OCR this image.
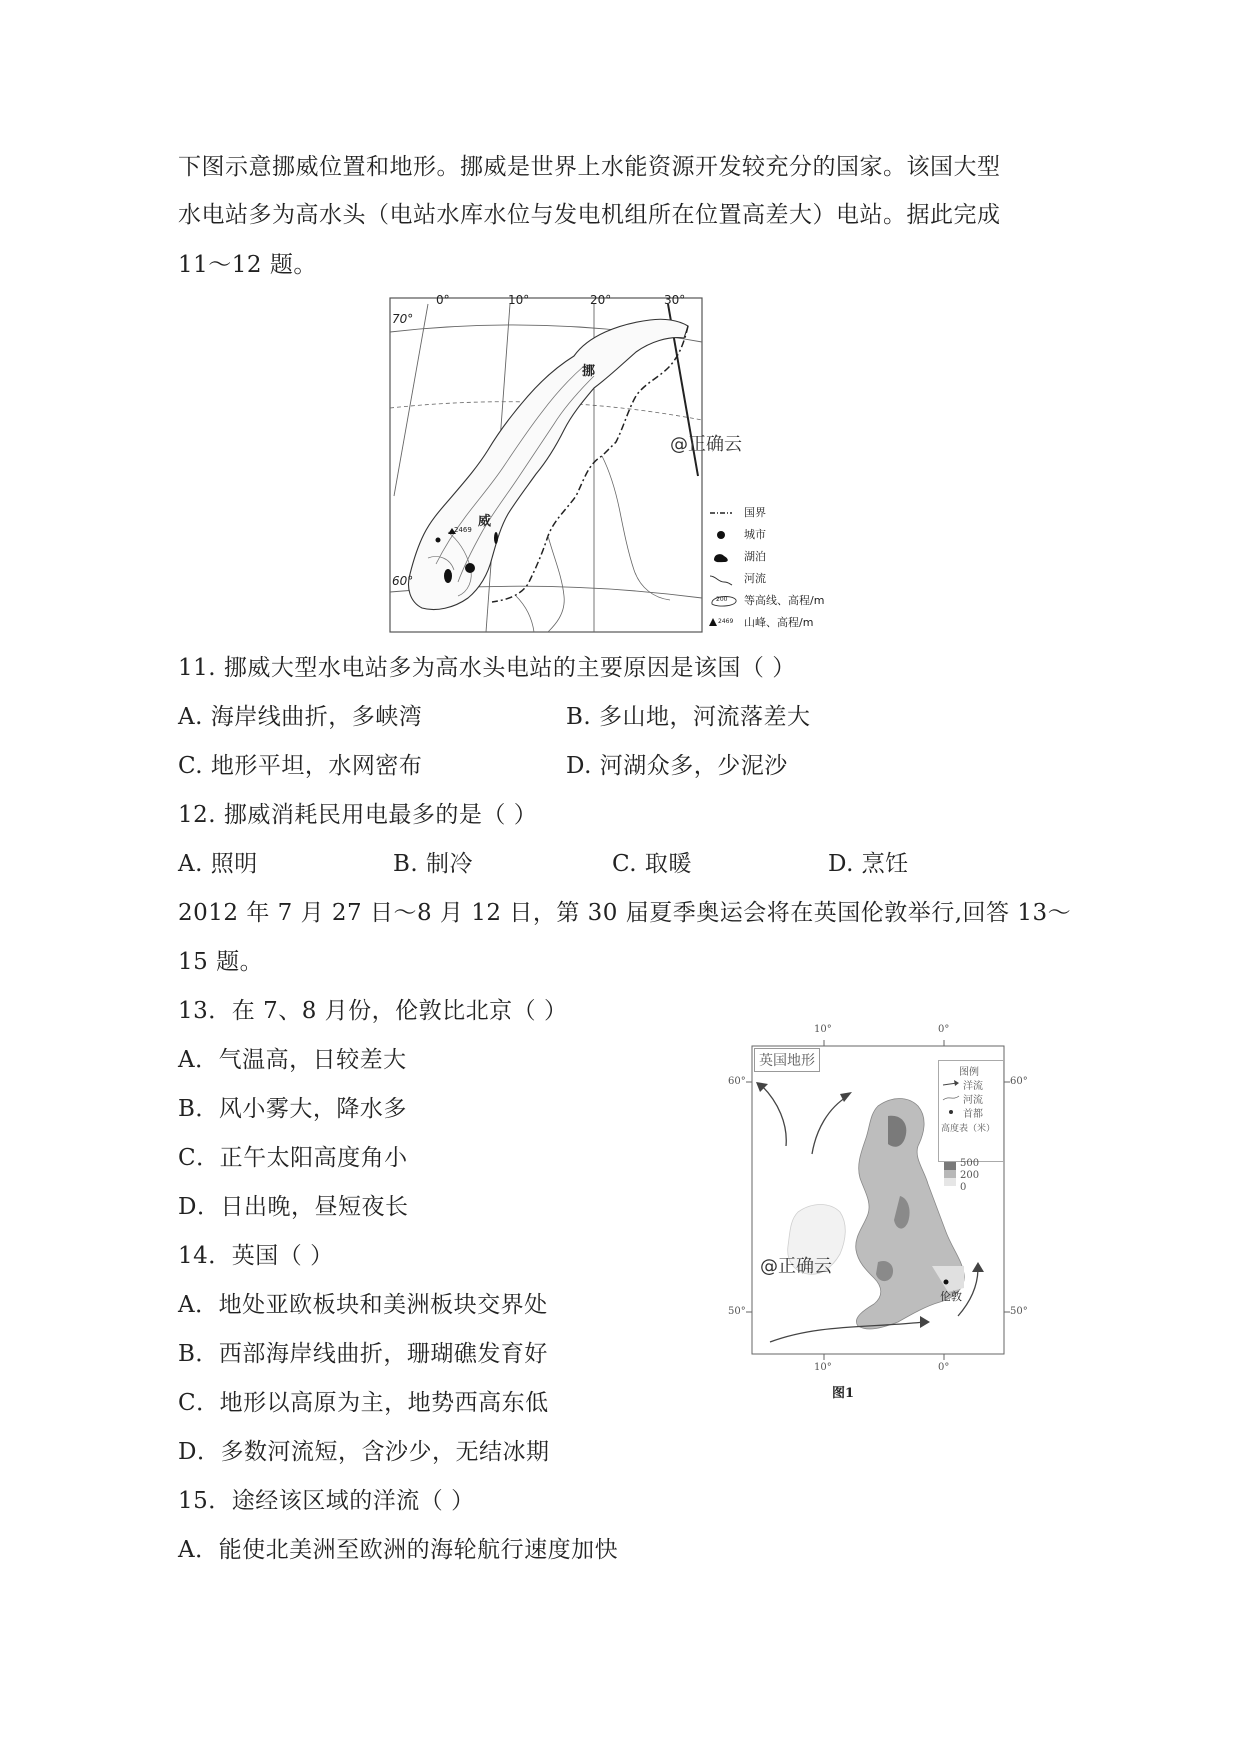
下图示意挪威位置和地形。挪威是世界上水能资源开发较充分的国家。该国大型
水电站多为高水头（电站水库水位与发电机组所在位置高差大）电站。据此完成
11～12 题。
0°	10°	20°	30°
70°
60°
挪
威
2469
@正确云
国界
城市
湖泊
河流
200 等高线、高程/m
2469 山峰、高程/m
11. 挪威大型水电站多为高水头电站的主要原因是该国（ ）
A. 海岸线曲折，多峡湾	B. 多山地，河流落差大
C. 地形平坦，水网密布	D. 河湖众多，少泥沙
12. 挪威消耗民用电最多的是（ ）
A. 照明	B. 制冷	C. 取暖	D. 烹饪
2012 年 7 月 27 日～8 月 12 日，第 30 届夏季奥运会将在英国伦敦举行,回答 13～
15 题。
13．在 7、8 月份，伦敦比北京（ ）
A．气温高，日较差大
B．风小雾大，降水多
C．正午太阳高度角小
D．日出晚，昼短夜长
14．英国（ ）
A．地处亚欧板块和美洲板块交界处
B．西部海岸线曲折，珊瑚礁发育好
C．地形以高原为主，地势西高东低
D．多数河流短，含沙少，无结冰期
15．途经该区域的洋流（ ）
A．能使北美洲至欧洲的海轮航行速度加快
英国地形
10°	0°
10°	0°
60°	60°
50°	50°
图例
洋流
河流
首都
高度表（米）
500
200
0
伦敦
@正确云
图1
